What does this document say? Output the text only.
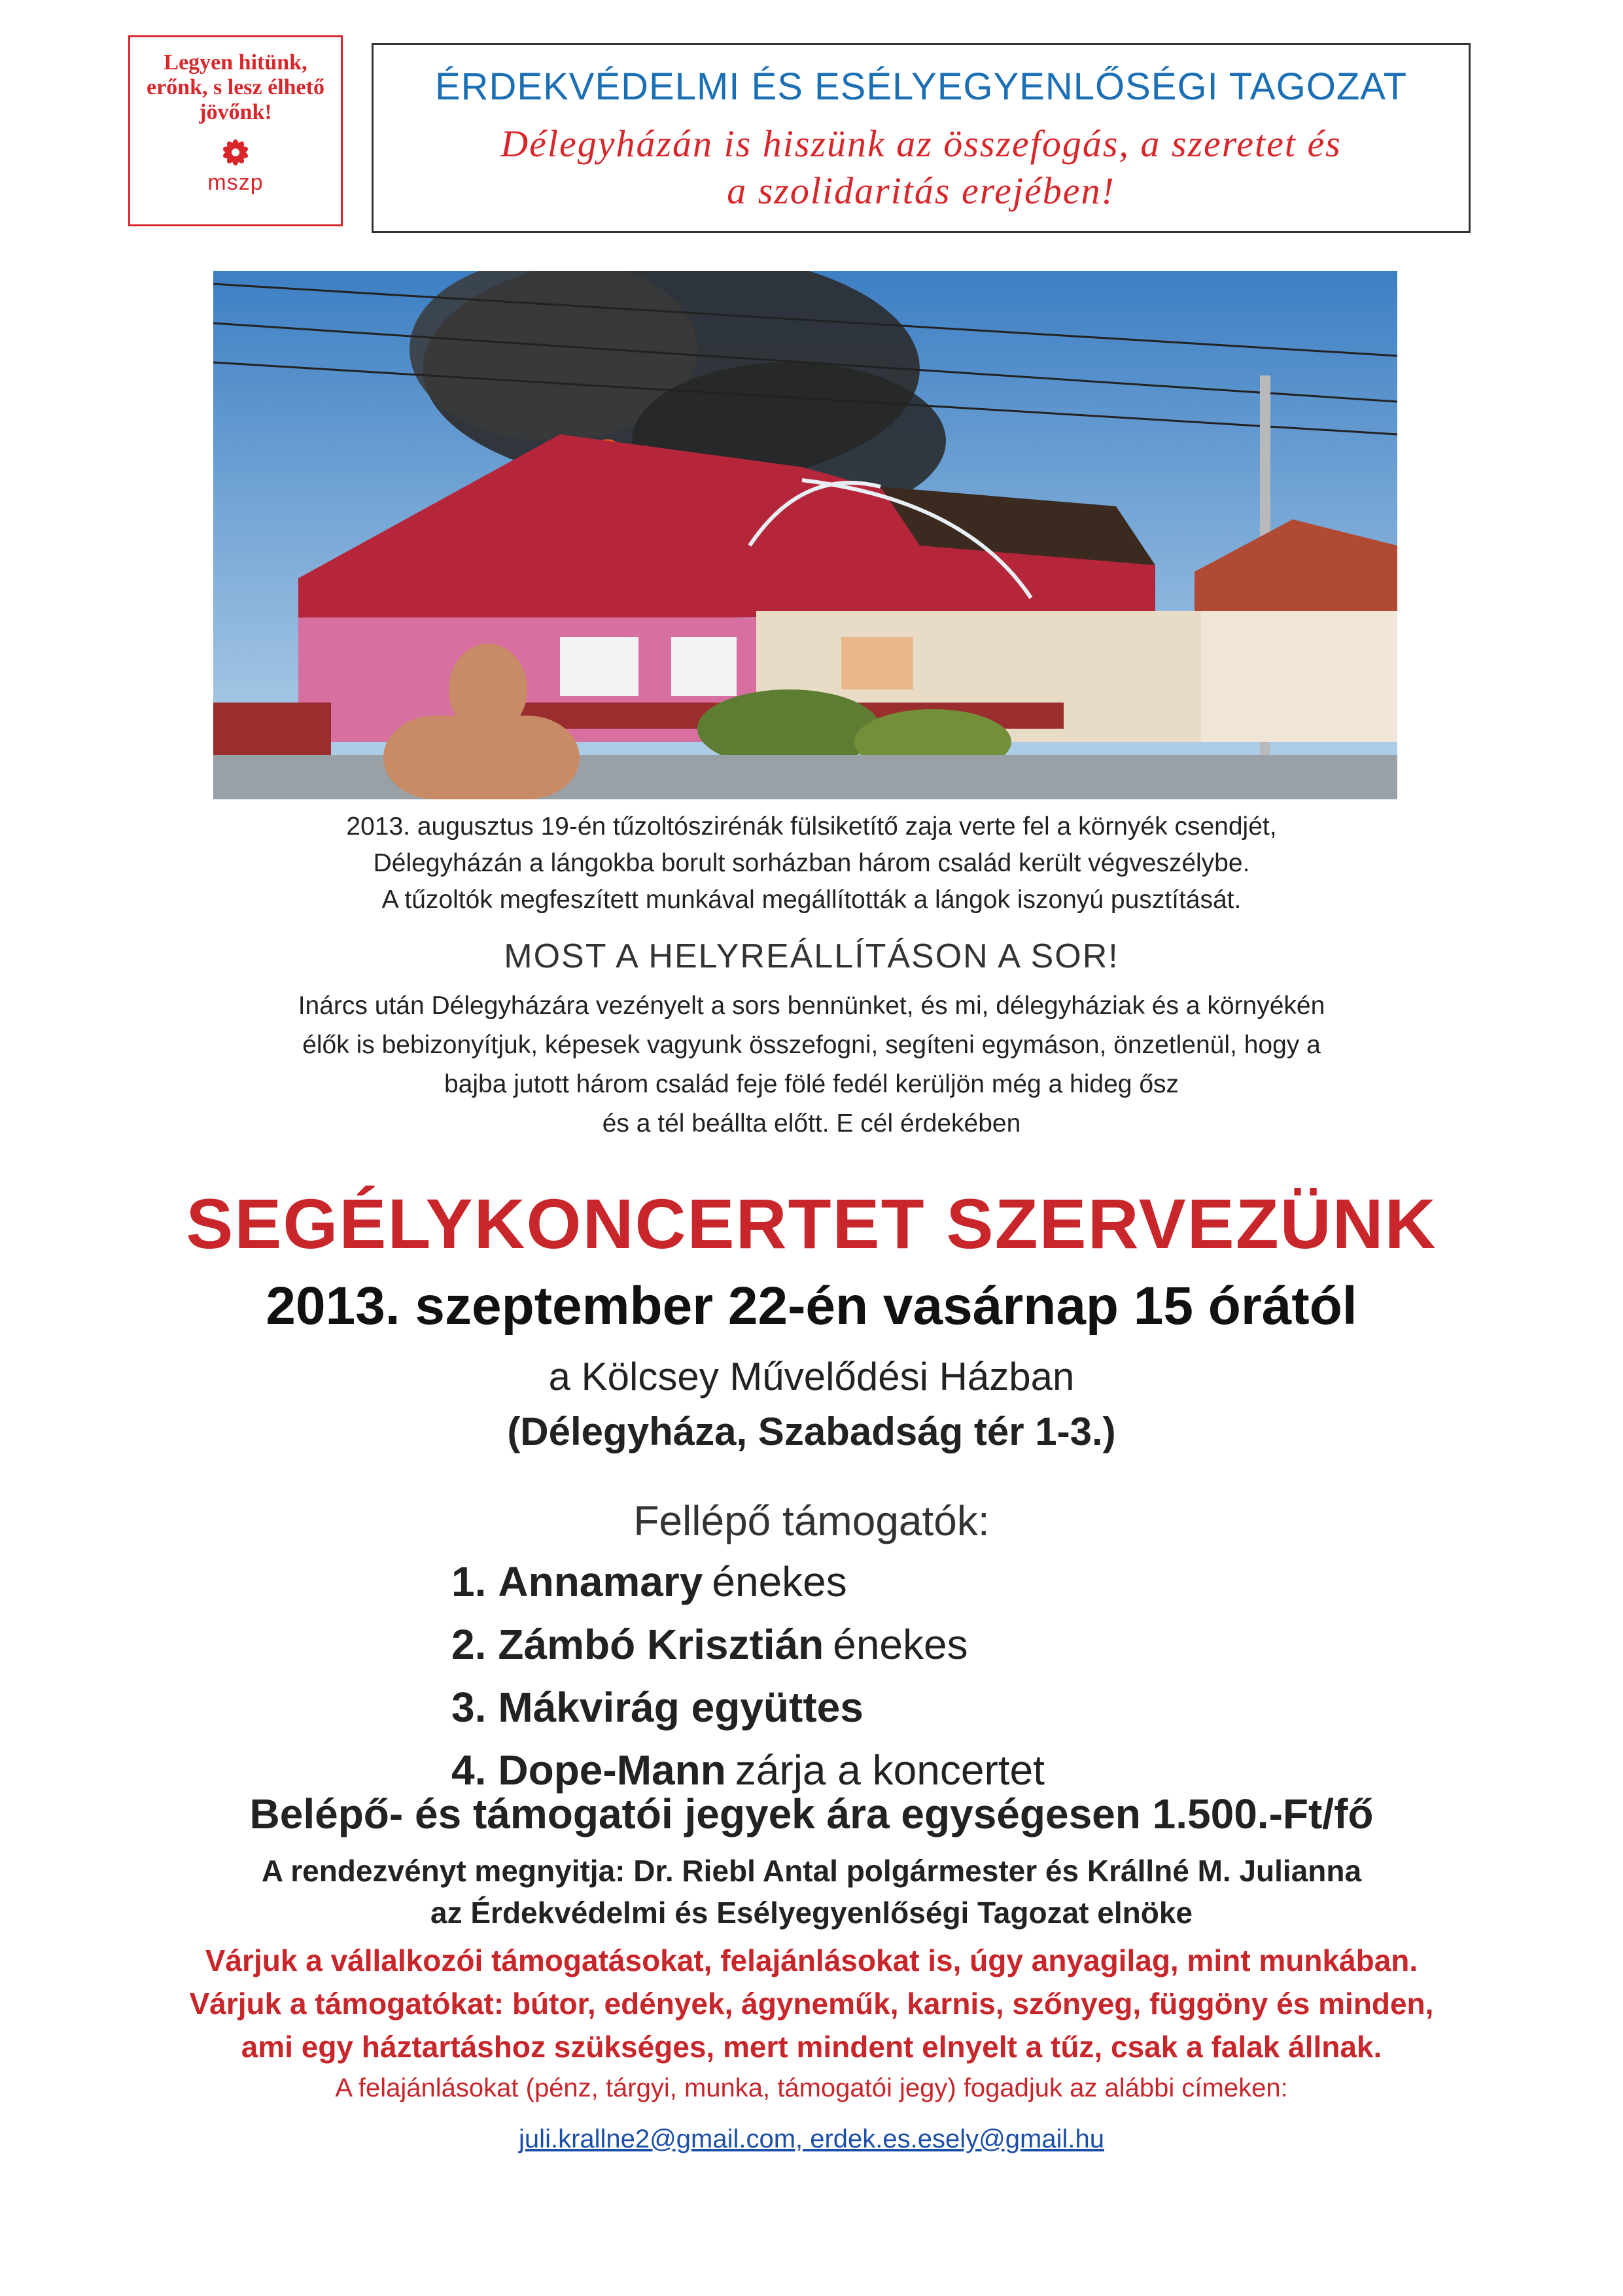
Legyen hitünk,
erőnk, s lesz élhető
jövőnk!
mszp
ÉRDEKVÉDELMI ÉS ESÉLYEGYENLŐSÉGI TAGOZAT
Délegyházán is hiszünk az összefogás, a szeretet és
a szolidaritás erejében!
2013. augusztus 19-én tűzoltószirénák fülsiketítő zaja verte fel a környék csendjét,
Délegyházán a lángokba borult sorházban három család került végveszélybe.
A tűzoltók megfeszített munkával megállították a lángok iszonyú pusztítását.
MOST A HELYREÁLLÍTÁSON A SOR!
Inárcs után Délegyházára vezényelt a sors bennünket, és mi, délegyháziak és a környékén
élők is bebizonyítjuk, képesek vagyunk összefogni, segíteni egymáson, önzetlenül, hogy a
bajba jutott három család feje fölé fedél kerüljön még a hideg ősz
és a tél beállta előtt. E cél érdekében
SEGÉLYKONCERTET SZERVEZÜNK
2013. szeptember 22-én vasárnap 15 órától
a Kölcsey Művelődési Házban
(Délegyháza, Szabadság tér 1-3.)
Fellépő támogatók:
1. Annamary énekes
2. Zámbó Krisztián énekes
3. Mákvirág együttes
4. Dope-Mann zárja a koncertet
Belépő- és támogatói jegyek ára egységesen 1.500.-Ft/fő
A rendezvényt megnyitja: Dr. Riebl Antal polgármester és Krállné M. Julianna
az Érdekvédelmi és Esélyegyenlőségi Tagozat elnöke
Várjuk a vállalkozói támogatásokat, felajánlásokat is, úgy anyagilag, mint munkában.
Várjuk a támogatókat: bútor, edények, ágyneműk, karnis, szőnyeg, függöny és minden,
ami egy háztartáshoz szükséges, mert mindent elnyelt a tűz, csak a falak állnak.
A felajánlásokat (pénz, tárgyi, munka, támogatói jegy) fogadjuk az alábbi címeken:
juli.krallne2@gmail.com, erdek.es.esely@gmail.hu
